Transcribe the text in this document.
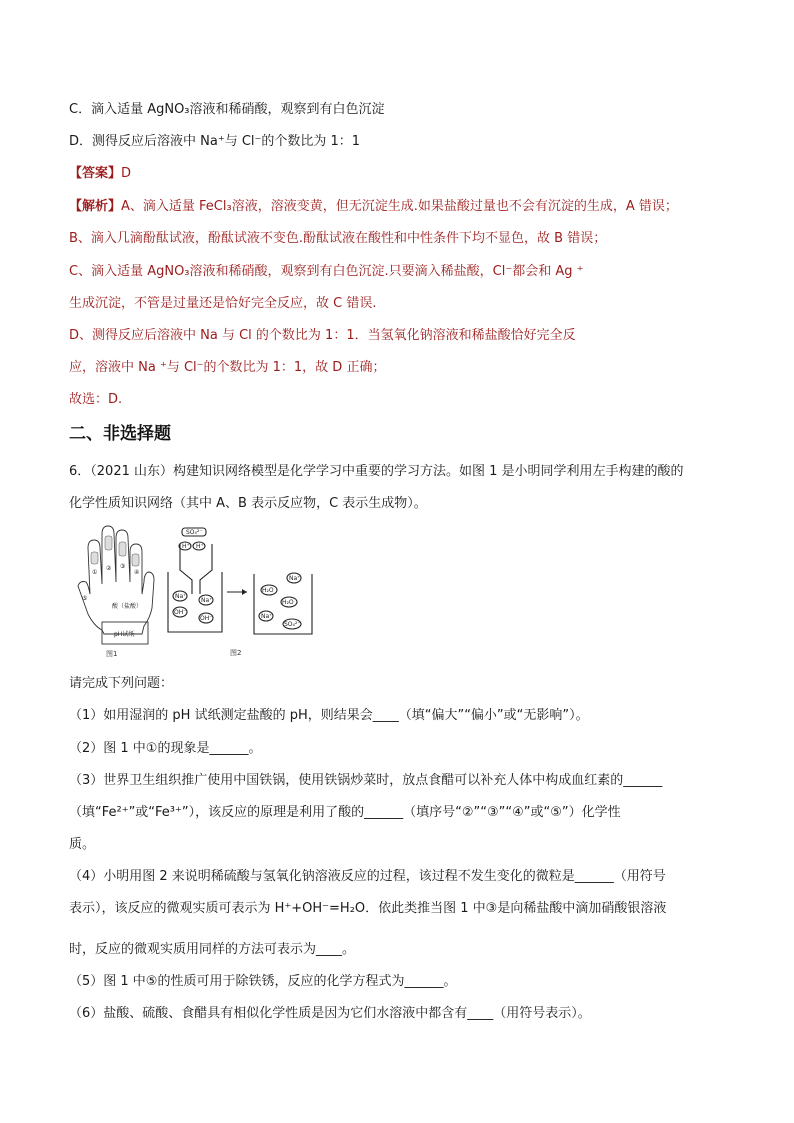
C．滴入适量 AgNO₃溶液和稀硝酸，观察到有白色沉淀
D．测得反应后溶液中 Na⁺与 Cl⁻的个数比为 1：1
【答案】D
【解析】A、滴入适量 FeCl₃溶液，溶液变黄，但无沉淀生成.如果盐酸过量也不会有沉淀的生成，A 错误；
B、滴入几滴酚酞试液，酚酞试液不变色.酚酞试液在酸性和中性条件下均不显色，故 B 错误；
C、滴入适量 AgNO₃溶液和稀硝酸，观察到有白色沉淀.只要滴入稀盐酸，Cl⁻都会和 Ag ⁺
生成沉淀，不管是过量还是恰好完全反应，故 C 错误.
D、测得反应后溶液中 Na 与 Cl 的个数比为 1：1．当氢氧化钠溶液和稀盐酸恰好完全反
应，溶液中 Na ⁺与 Cl⁻的个数比为 1：1，故 D 正确；
故选：D.
二、非选择题
6．（2021 山东）构建知识网络模型是化学学习中重要的学习方法。如图 1 是小明同学利用左手构建的酸的
化学性质知识网络（其中 A、B 表示反应物，C 表示生成物）。
①
② ③
④
⑤
酸（盐酸）
pH试纸
SO₄²⁻
H⁺ H⁺
Na⁺
Na⁺
OH⁻
OH⁻
Na⁺
H₂O
H₂O
Na⁺
SO₄²⁻
图1	图2
请完成下列问题：
（1）如用湿润的 pH 试纸测定盐酸的 pH，则结果会____（填“偏大”“偏小”或“无影响”）。
（2）图 1 中①的现象是______。
（3）世界卫生组织推广使用中国铁锅，使用铁锅炒菜时，放点食醋可以补充人体中构成血红素的______
（填“Fe²⁺”或“Fe³⁺”），该反应的原理是利用了酸的______（填序号“②”“③”“④”或“⑤”）化学性
质。
（4）小明用图 2 来说明稀硫酸与氢氧化钠溶液反应的过程，该过程不发生变化的微粒是______（用符号
表示），该反应的微观实质可表示为 H⁺+OH⁻=H₂O．依此类推当图 1 中③是向稀盐酸中滴加硝酸银溶液
时，反应的微观实质用同样的方法可表示为____。
（5）图 1 中⑤的性质可用于除铁锈，反应的化学方程式为______。
（6）盐酸、硫酸、食醋具有相似化学性质是因为它们水溶液中都含有____（用符号表示）。
